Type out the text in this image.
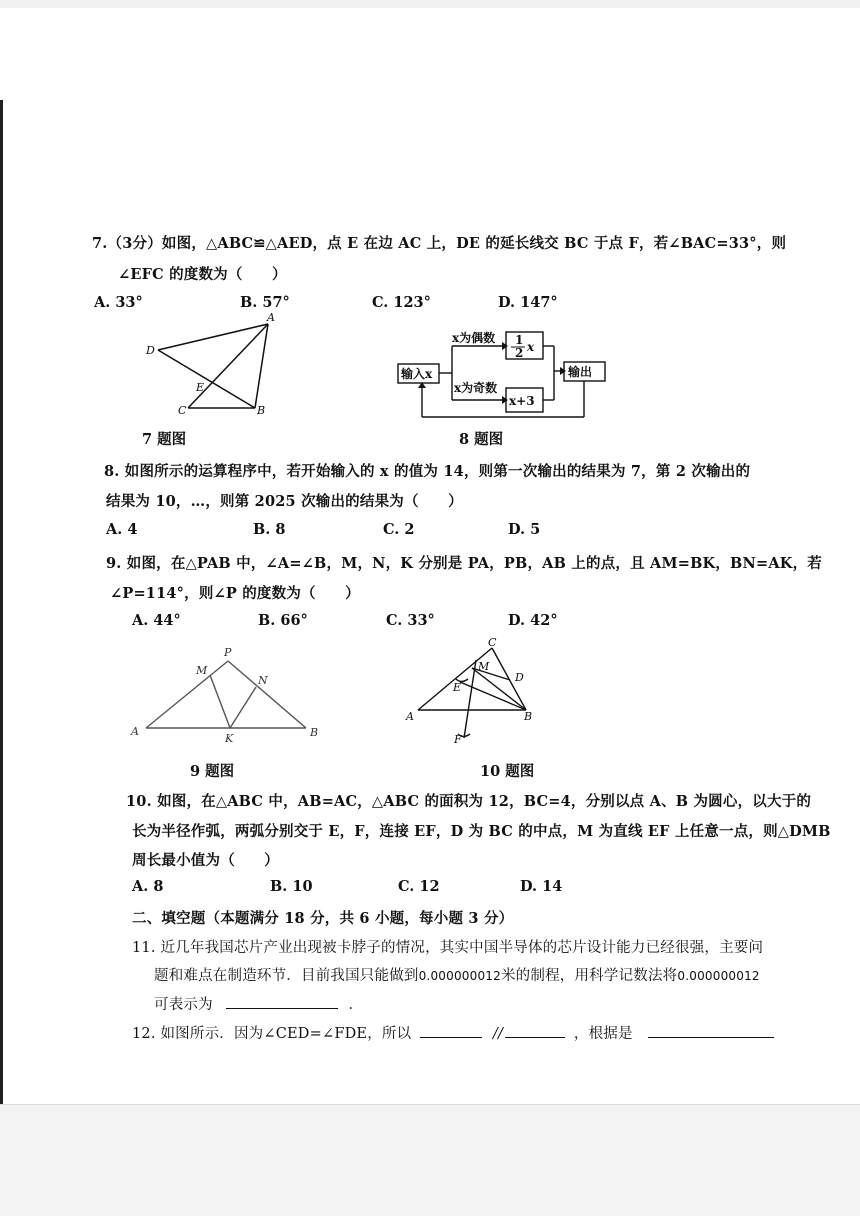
7.（3分）如图，△ABC≌△AED，点 E 在边 AC 上，DE 的延长线交 BC 于点 F，若∠BAC=33°，则
∠EFC 的度数为（　　）
A. 33°	B. 57°	C. 123°	D. 147°
A
D
E
C	B
7 题图
输入x
x为偶数 1
2 x
x为奇数
x+3
输出
8 题图
8. 如图所示的运算程序中，若开始输入的 x 的值为 14，则第一次输出的结果为 7，第 2 次输出的
结果为 10，…，则第 2025 次输出的结果为（　　）
A. 4	B. 8	C. 2	D. 5
9. 如图，在△PAB 中，∠A=∠B，M，N，K 分别是 PA，PB，AB 上的点，且 AM=BK，BN=AK，若
∠P=114°，则∠P 的度数为（　　）
A. 44°	B. 66°	C. 33°	D. 42°
P
M
N
A
K	B
9 题图
C
M
D
E
A	B
F
10 题图
10. 如图，在△ABC 中，AB=AC，△ABC 的面积为 12，BC=4，分别以点 A、B 为圆心，以大于的
长为半径作弧，两弧分别交于 E，F，连接 EF，D 为 BC 的中点，M 为直线 EF 上任意一点，则△DMB
周长最小值为（　　）
A. 8	B. 10	C. 12	D. 14
二、填空题（本题满分 18 分，共 6 小题，每小题 3 分）
11. 近几年我国芯片产业出现被卡脖子的情况，其实中国半导体的芯片设计能力已经很强，主要问
题和难点在制造环节．目前我国只能做到0.000000012米的制程，用科学记数法将0.000000012
可表示为	．
12. 如图所示．因为∠CED=∠FDE，所以	//	，根据是
